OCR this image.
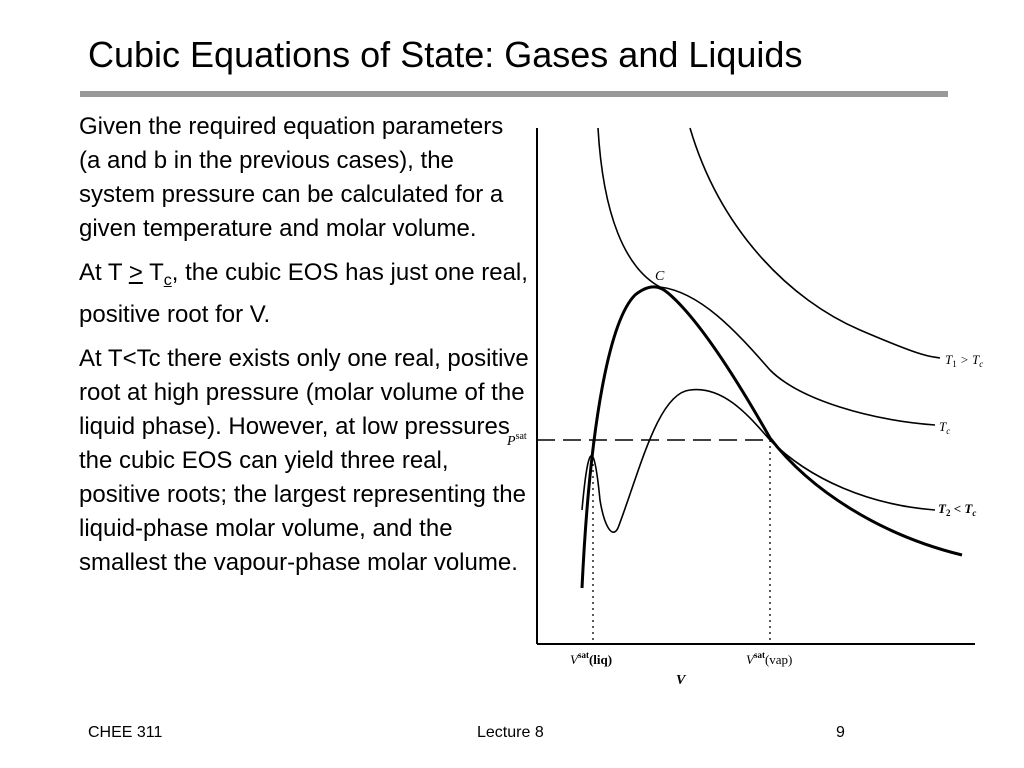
Cubic Equations of State: Gases and Liquids

Given the required equation parameters (a and b in the previous cases), the system pressure can be calculated for a given temperature and molar volume.

At $T > T_c$, the cubic EOS has just one real, positive root for V.

At T<Tc there exists only one real, positive root at high pressure (molar volume of the liquid phase). However, at low pressures the cubic EOS can yield three real, positive roots; the largest representing the liquid-phase molar volume, and the smallest the vapour-phase molar volume.

V
$P^{sat}$
C
$T_1 > T_c$
$T_c$
$T_2 < T_c$
$V^{sat}(liq)$	$V^{sat}(vap)$
CHEE 311	Lecture 8	9
